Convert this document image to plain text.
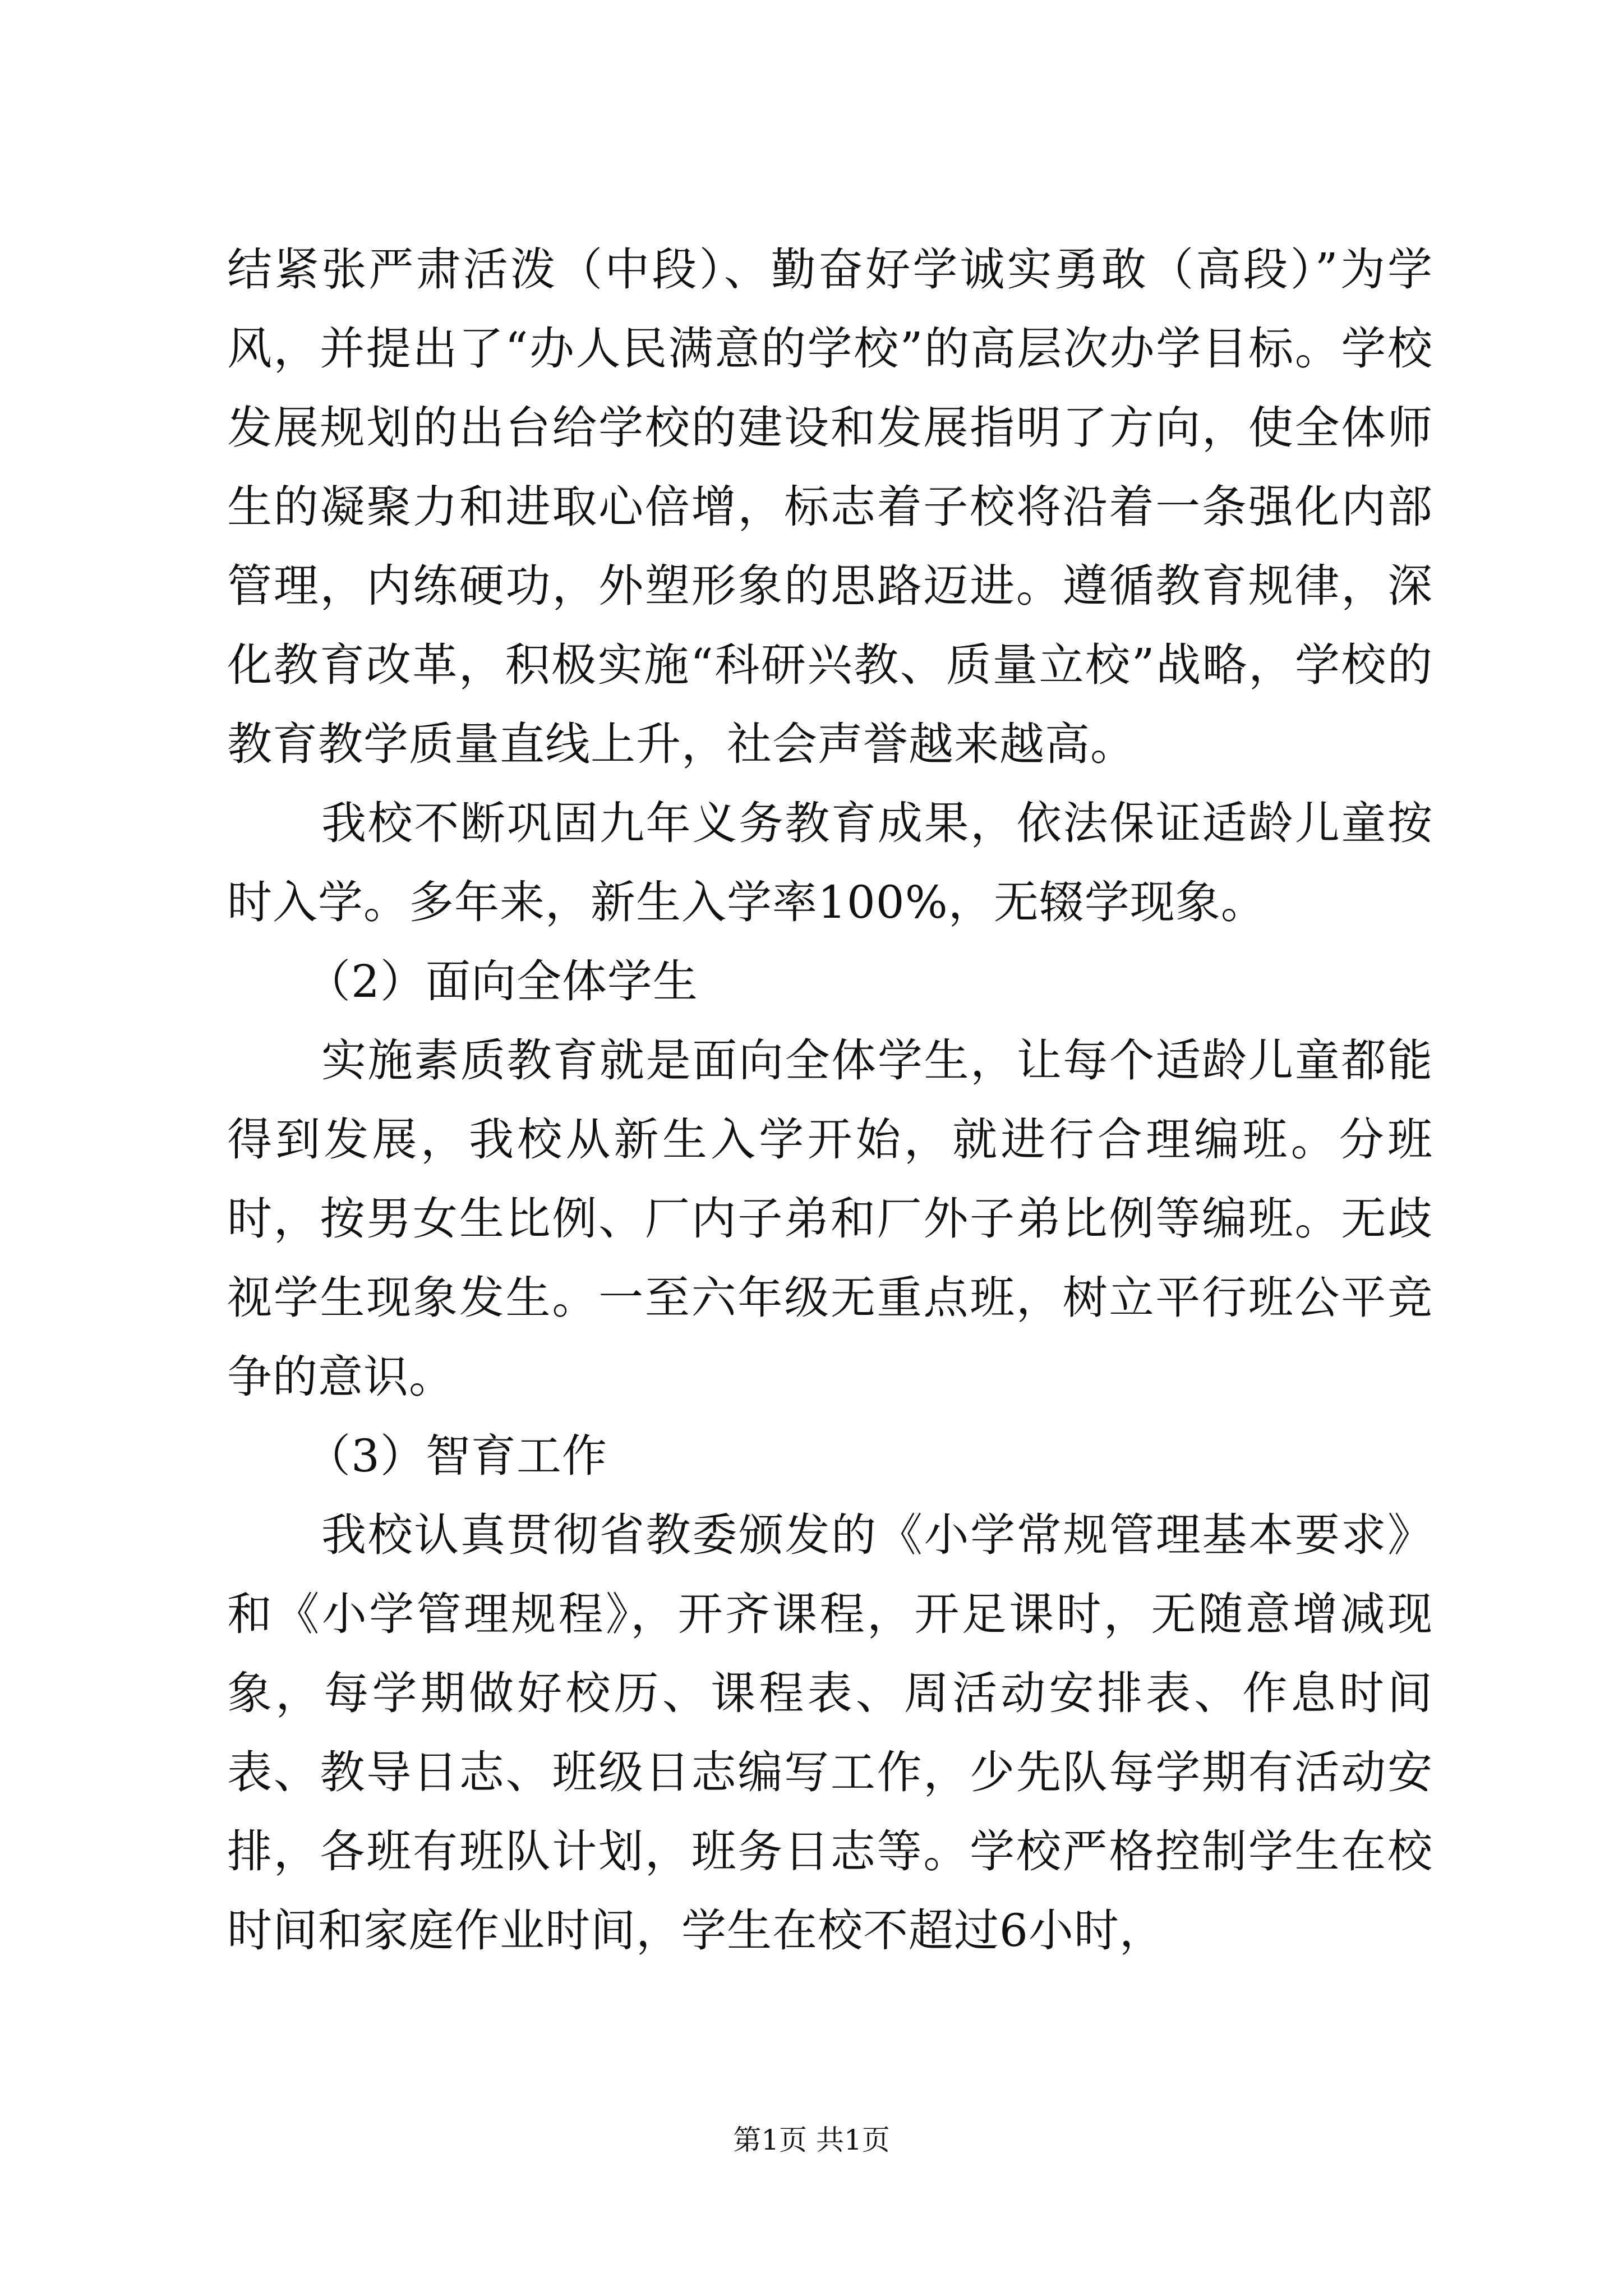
结紧张严肃活泼（中段）、勤奋好学诚实勇敢（高段）”为学风，并提出了“办人民满意的学校”的高层次办学目标。学校发展规划的出台给学校的建设和发展指明了方向，使全体师生的凝聚力和进取心倍增，标志着子校将沿着一条强化内部管理，内练硬功，外塑形象的思路迈进。遵循教育规律，深化教育改革，积极实施“科研兴教、质量立校”战略，学校的教育教学质量直线上升，社会声誉越来越高。

我校不断巩固九年义务教育成果，依法保证适龄儿童按时入学。多年来，新生入学率100%，无辍学现象。

（2）面向全体学生

实施素质教育就是面向全体学生，让每个适龄儿童都能得到发展，我校从新生入学开始，就进行合理编班。分班时，按男女生比例、厂内子弟和厂外子弟比例等编班。无歧视学生现象发生。一至六年级无重点班，树立平行班公平竞争的意识。

（3）智育工作

我校认真贯彻省教委颁发的《小学常规管理基本要求》和《小学管理规程》，开齐课程，开足课时，无随意增减现象，每学期做好校历、课程表、周活动安排表、作息时间表、教导日志、班级日志编写工作，少先队每学期有活动安排，各班有班队计划，班务日志等。学校严格控制学生在校时间和家庭作业时间，学生在校不超过6小时，

第1页 共1页
